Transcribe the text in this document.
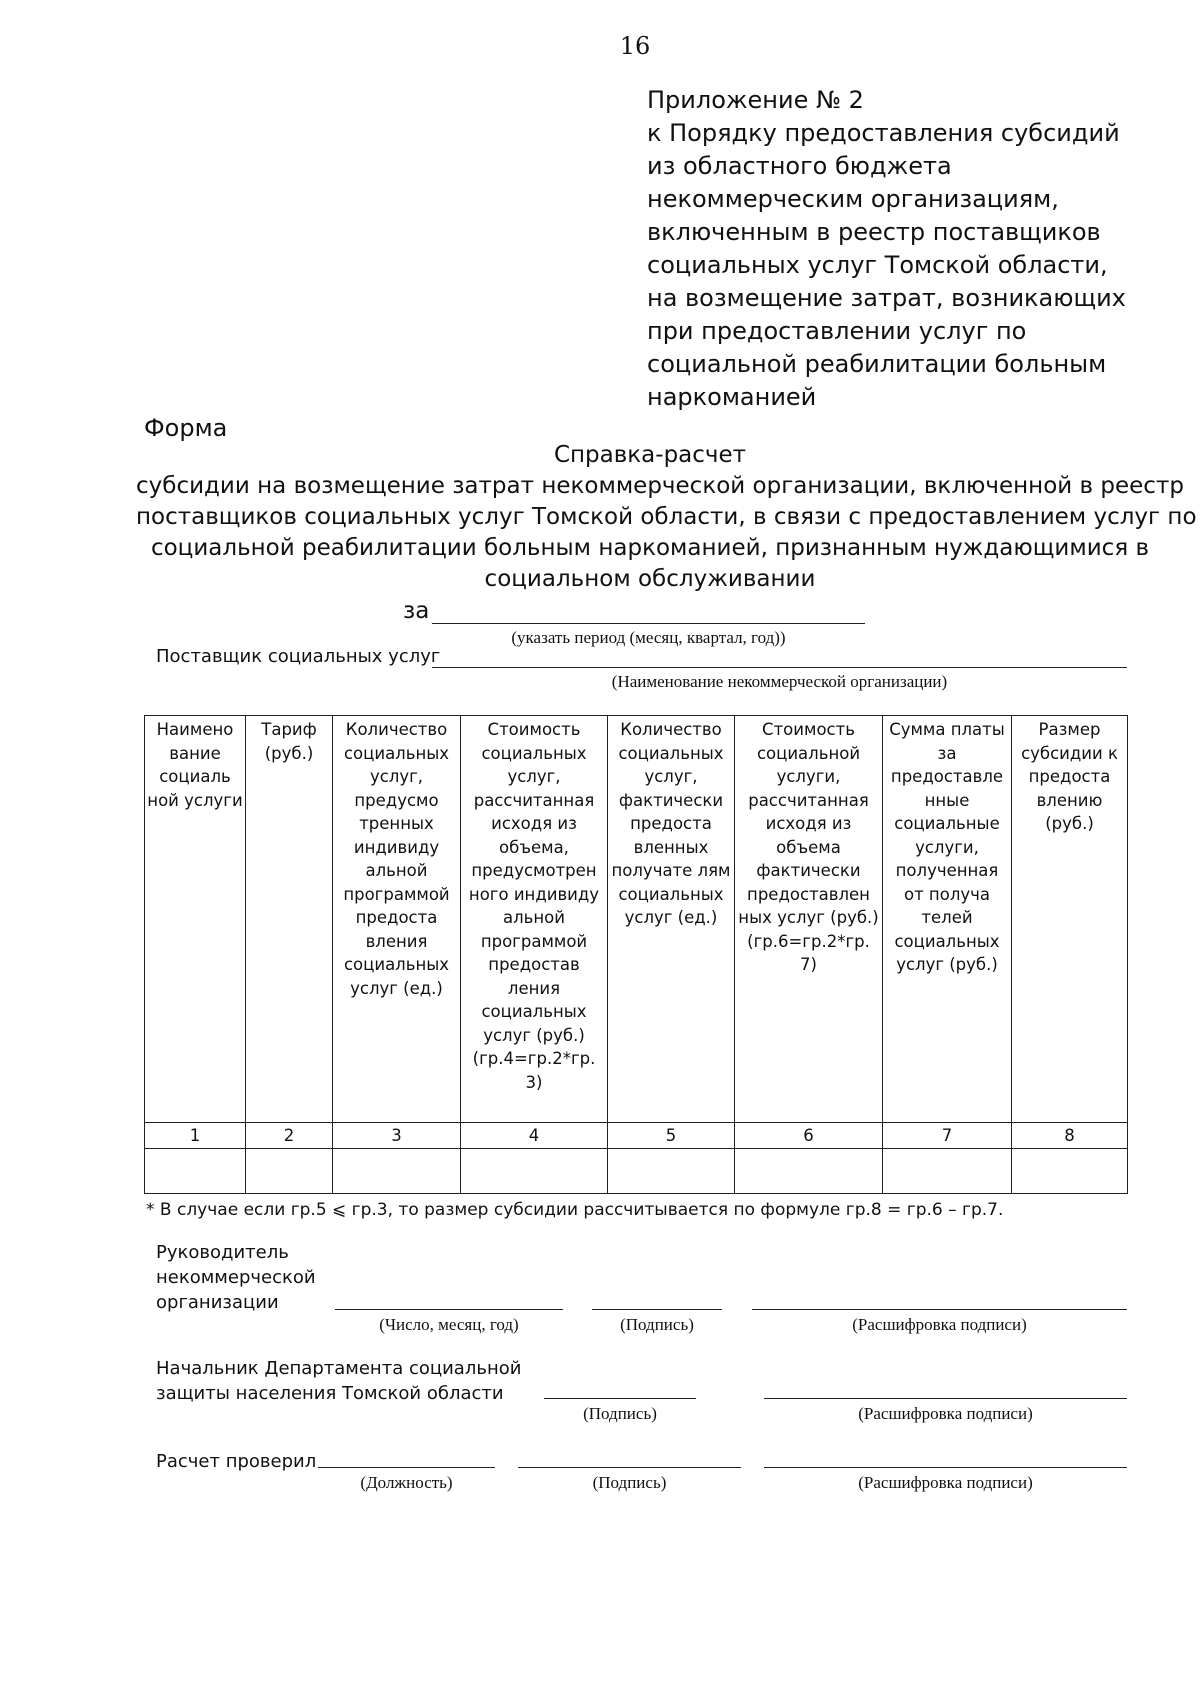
16
Приложение № 2
к Порядку предоставления субсидий
из областного бюджета
некоммерческим организациям,
включенным в реестр поставщиков
социальных услуг Томской области,
на возмещение затрат, возникающих
при предоставлении услуг по
социальной реабилитации больным
наркоманией
Форма
Справка-расчет
субсидии на возмещение затрат некоммерческой организации, включенной в реестр
поставщиков социальных услуг Томской области, в связи с предоставлением услуг по
социальной реабилитации больным наркоманией, признанным нуждающимися в
социальном обслуживании
за
(указать период (месяц, квартал, год))
Поставщик социальных услуг
(Наименование некоммерческой организации)
Наимено вание социаль ной услуги	Тариф (руб.)	Количество социальных услуг, предусмо тренных индивиду альной программой предоста вления социальных услуг (ед.)	Стоимость социальных услуг, рассчитанная исходя из объема, предусмотрен ного индивиду альной программой предостав ления социальных услуг (руб.) (гр.4=гр.2*гр. 3)	Количество социальных услуг, фактически предоста вленных получате лям социальных услуг (ед.)	Стоимость социальной услуги, рассчитанная исходя из объема фактически предоставлен ных услуг (руб.) (гр.6=гр.2*гр. 7)	Сумма платы за предоставле нные социальные услуги, полученная от получа телей социальных услуг (руб.)	Размер субсидии к предоста влению (руб.)
1	2	3	4	5	6	7	8

* В случае если гр.5 ⩽ гр.3, то размер субсидии рассчитывается по формуле гр.8 = гр.6 – гр.7.
Руководитель
некоммерческой
организации
(Число, месяц, год)	(Подпись)	(Расшифровка подписи)
Начальник Департамента социальной
защиты населения Томской области
(Подпись)	(Расшифровка подписи)
Расчет проверил
(Должность)	(Подпись)	(Расшифровка подписи)
